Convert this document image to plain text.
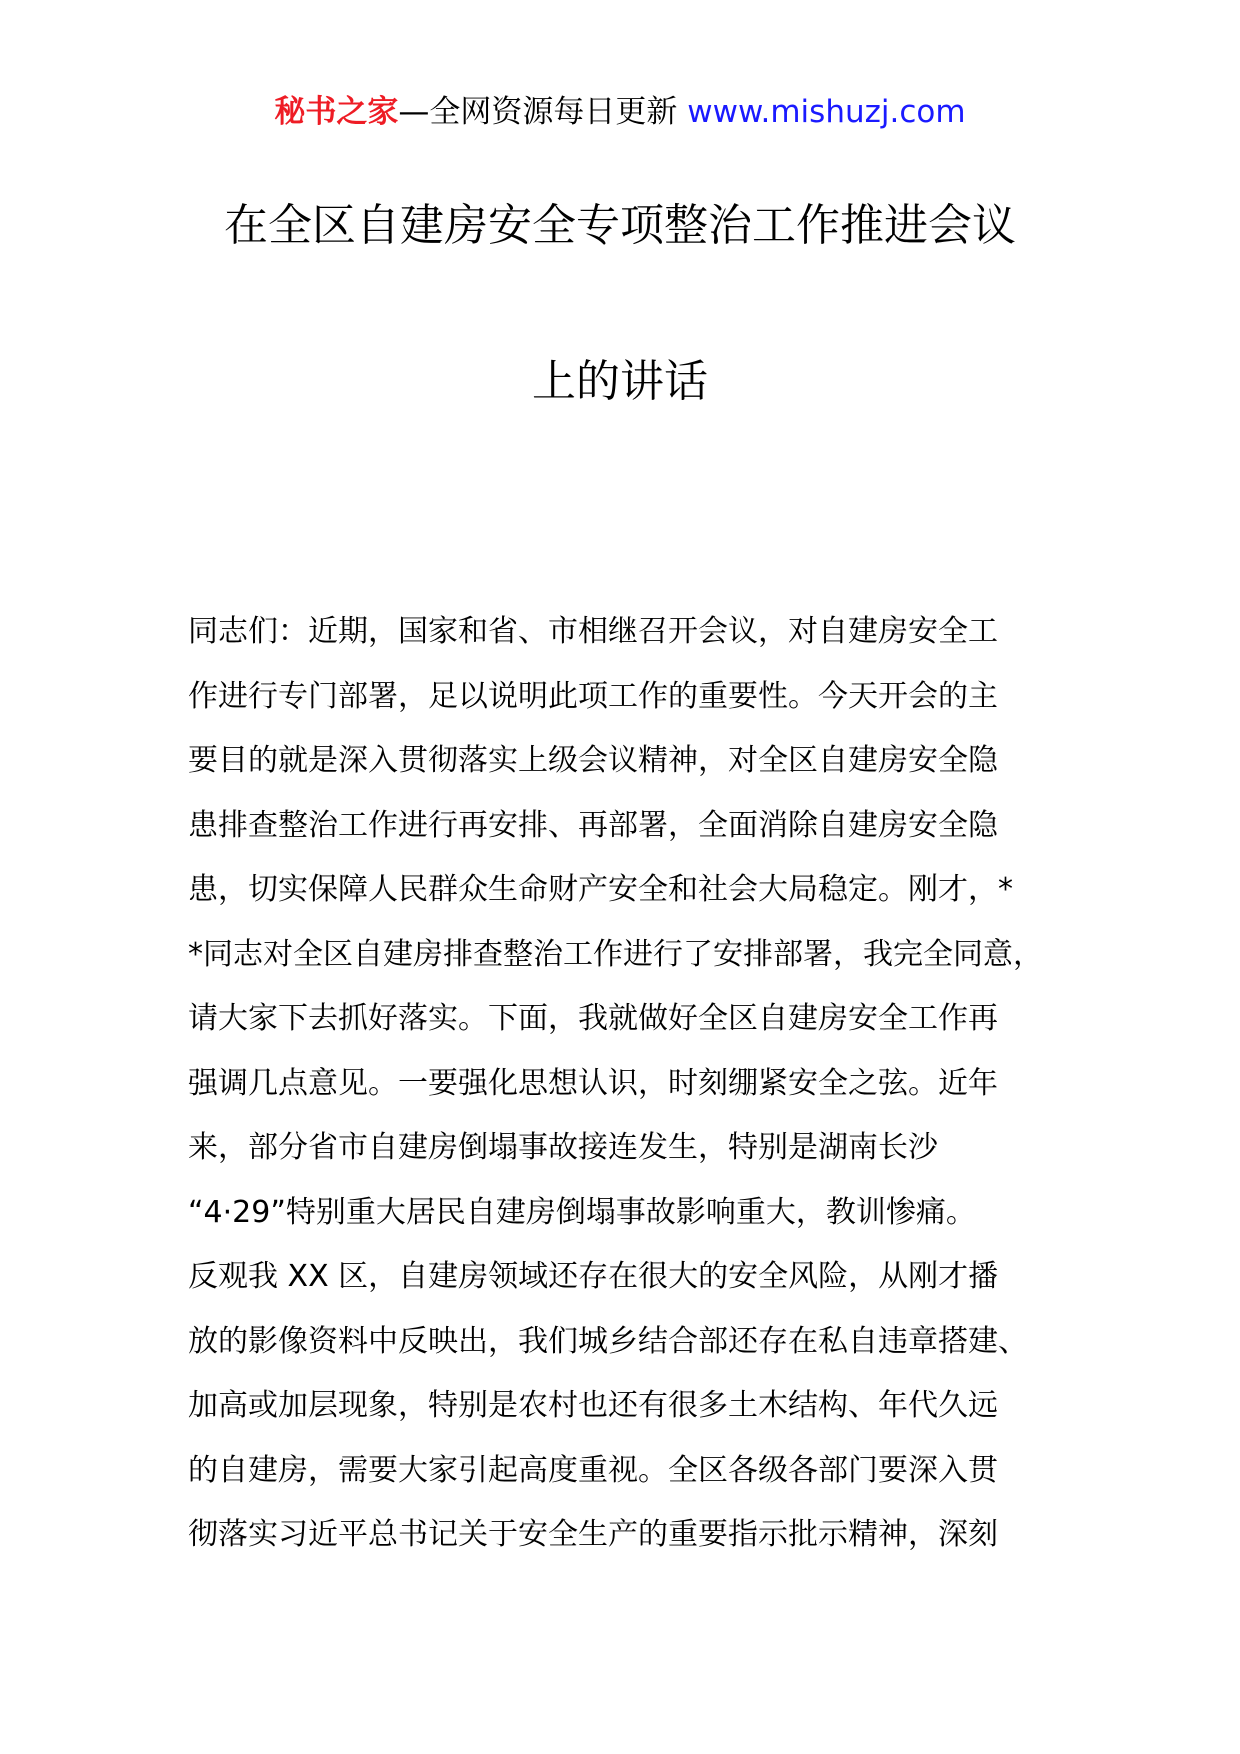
秘书之家—全网资源每日更新 www.mishuzj.com
在全区自建房安全专项整治工作推进会议
上的讲话
同志们：近期，国家和省、市相继召开会议，对自建房安全工
作进行专门部署，足以说明此项工作的重要性。今天开会的主
要目的就是深入贯彻落实上级会议精神，对全区自建房安全隐
患排查整治工作进行再安排、再部署，全面消除自建房安全隐
患，切实保障人民群众生命财产安全和社会大局稳定。刚才，*
*同志对全区自建房排查整治工作进行了安排部署，我完全同意，
请大家下去抓好落实。下面，我就做好全区自建房安全工作再
强调几点意见。一要强化思想认识，时刻绷紧安全之弦。近年
来，部分省市自建房倒塌事故接连发生，特别是湖南长沙
“4·29”特别重大居民自建房倒塌事故影响重大，教训惨痛。
反观我 XX 区，自建房领域还存在很大的安全风险，从刚才播
放的影像资料中反映出，我们城乡结合部还存在私自违章搭建、
加高或加层现象，特别是农村也还有很多土木结构、年代久远
的自建房，需要大家引起高度重视。全区各级各部门要深入贯
彻落实习近平总书记关于安全生产的重要指示批示精神，深刻
